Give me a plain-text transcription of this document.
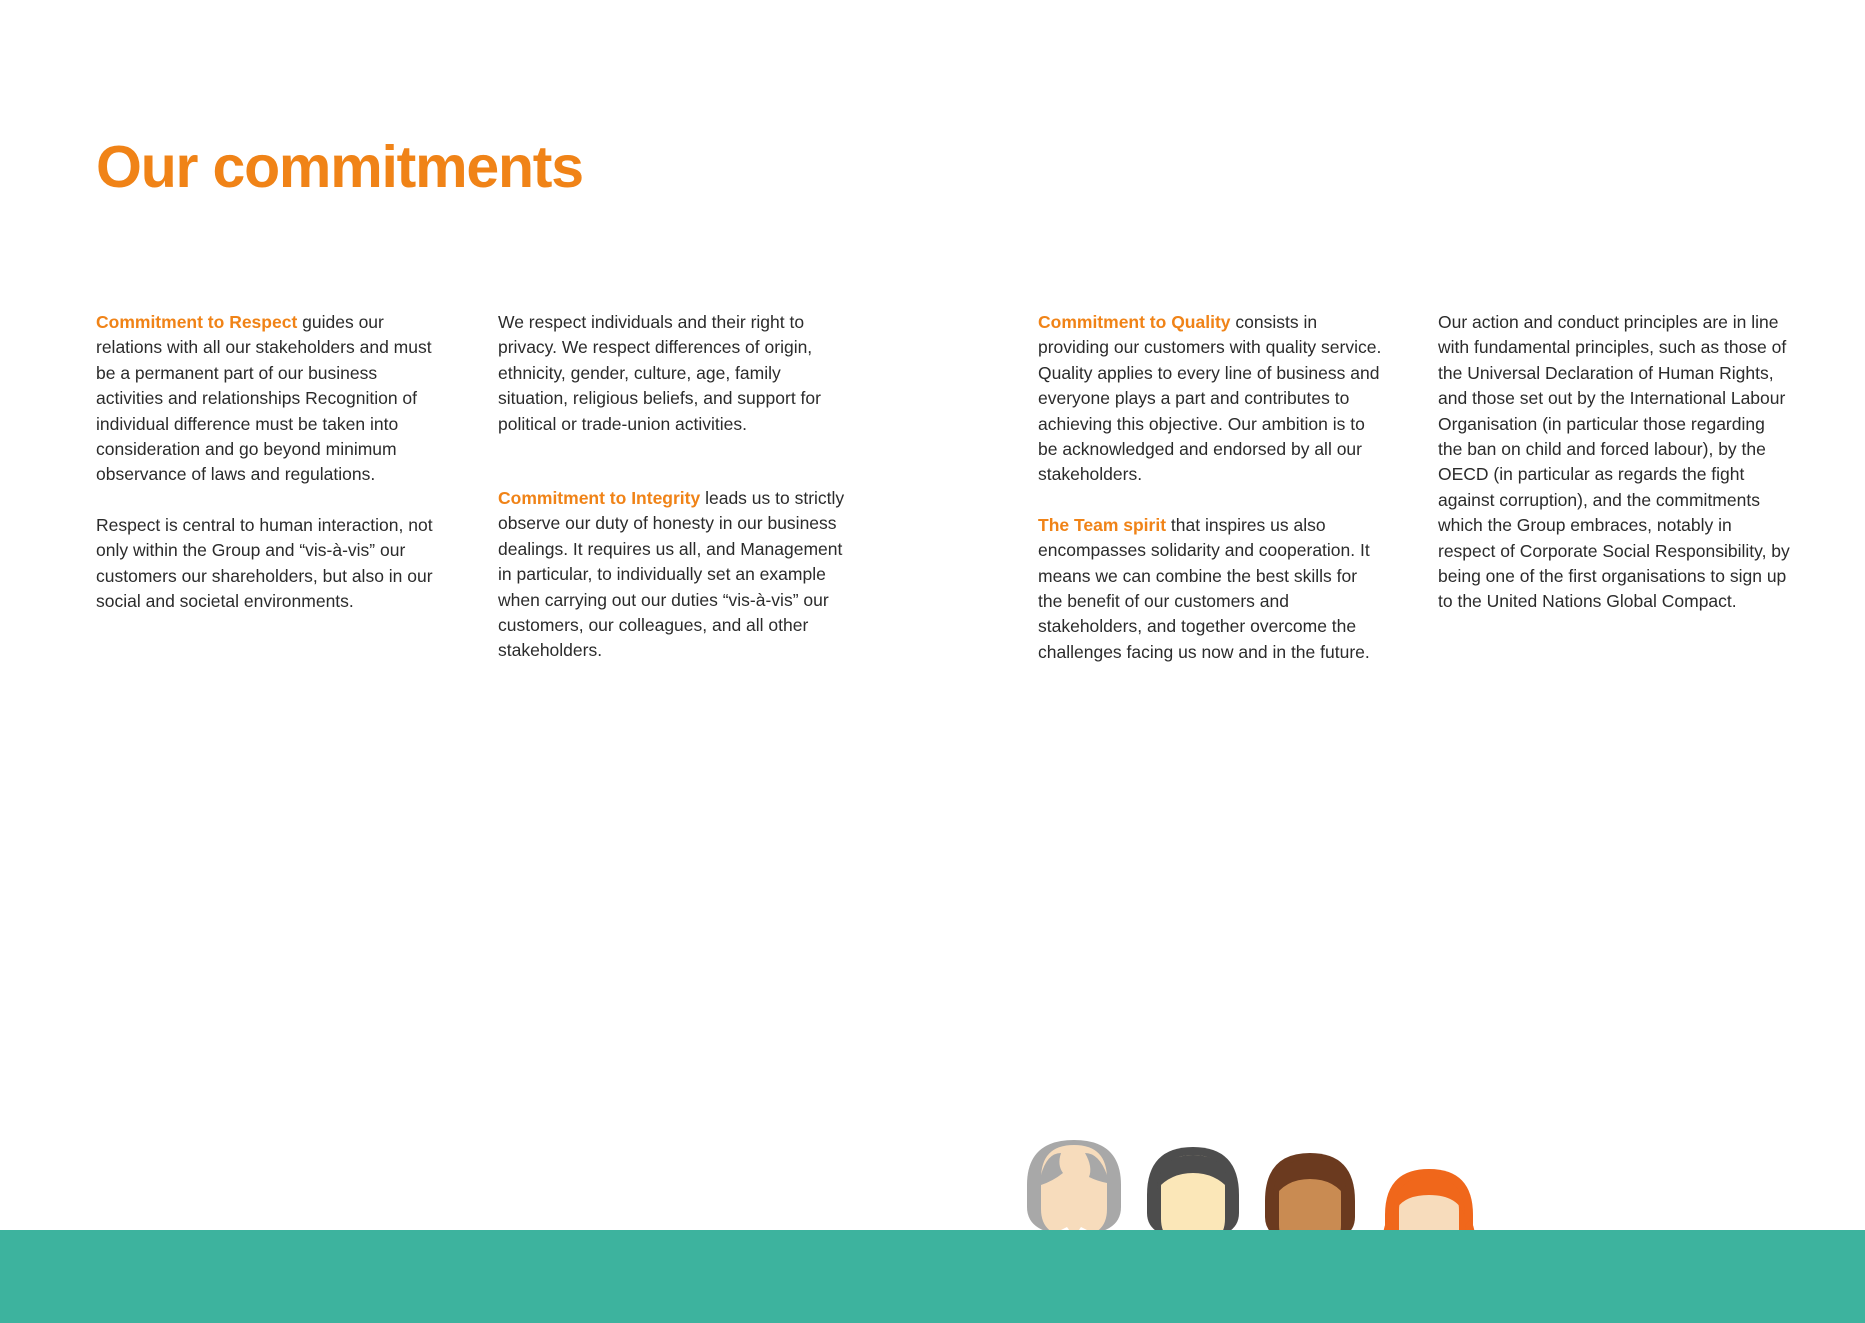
Our commitments

Commitment to Respect guides our relations with all our stakeholders and must be a permanent part of our business activities and relationships Recognition of individual difference must be taken into consideration and go beyond minimum observance of laws and regulations.

Respect is central to human interaction, not only within the Group and “vis-à-vis” our customers our shareholders, but also in our social and societal environments.

We respect individuals and their right to privacy. We respect differences of origin, ethnicity, gender, culture, age, family situation, religious beliefs, and support for political or trade-union activities.

Commitment to Integrity leads us to strictly observe our duty of honesty in our business dealings. It requires us all, and Management in particular, to individually set an example when carrying out our duties “vis-à-vis” our customers, our colleagues, and all other stakeholders.

Commitment to Quality consists in providing our customers with quality service. Quality applies to every line of business and everyone plays a part and contributes to achieving this objective. Our ambition is to be acknowledged and endorsed by all our stakeholders.

The Team spirit that inspires us also encompasses solidarity and cooperation. It means we can combine the best skills for the benefit of our customers and stakeholders, and together overcome the challenges facing us now and in the future.

Our action and conduct principles are in line with fundamental principles, such as those of the Universal Declaration of Human Rights, and those set out by the International Labour Organisation (in particular those regarding the ban on child and forced labour), by the OECD (in particular as regards the fight against corruption), and the commitments which the Group embraces, notably in respect of Corporate Social Responsibility, by being one of the first organisations to sign up to the United Nations Global Compact.
